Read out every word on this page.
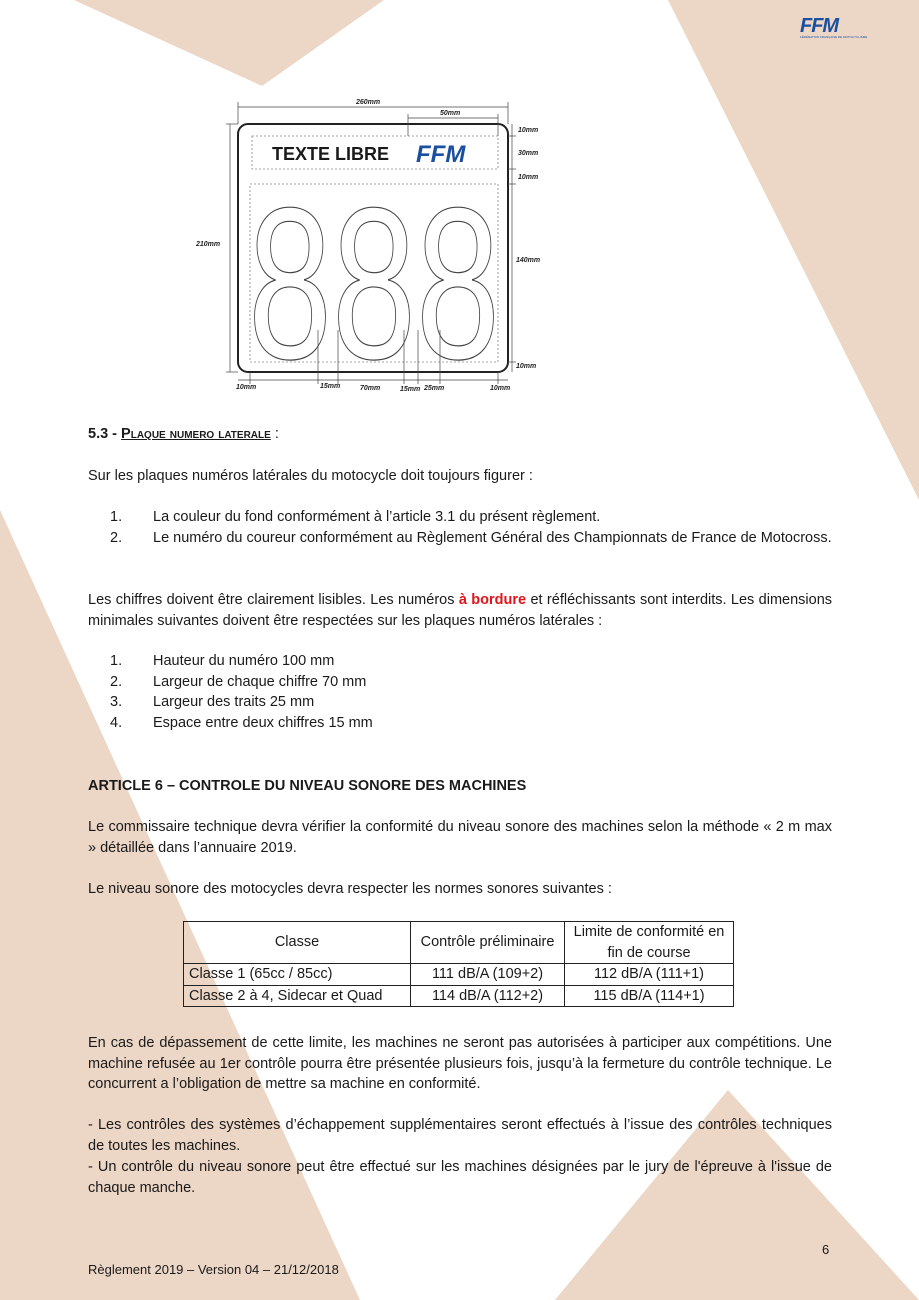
FFM
FÉDÉRATION FRANÇAISE DE MOTOCYCLISME
TEXTE LIBRE FFM
888
260mm
50mm
210mm
10mm
30mm
10mm
140mm
10mm
10mm	15mm	70mm	15mm 25mm	10mm
5.3 - Plaque numero laterale :
Sur les plaques numéros latérales du motocycle doit toujours figurer :
1. La couleur du fond conformément à l’article 3.1 du présent règlement.
2. Le numéro du coureur conformément au Règlement Général des Championnats de France de Motocross.
Les chiffres doivent être clairement lisibles. Les numéros à bordure et réfléchissants sont interdits. Les dimensions minimales suivantes doivent être respectées sur les plaques numéros latérales :
1. Hauteur du numéro 100 mm
2. Largeur de chaque chiffre 70 mm
3. Largeur des traits 25 mm
4. Espace entre deux chiffres 15 mm
ARTICLE 6 – CONTROLE DU NIVEAU SONORE DES MACHINES
Le commissaire technique devra vérifier la conformité du niveau sonore des machines selon la méthode « 2 m max » détaillée dans l’annuaire 2019.
Le niveau sonore des motocycles devra respecter les normes sonores suivantes :
Classe	Contrôle préliminaire	Limite de conformité en fin de course
Classe 1 (65cc / 85cc)	111 dB/A (109+2)	112 dB/A (111+1)
Classe 2 à 4, Sidecar et Quad	114 dB/A (112+2)	115 dB/A (114+1)
En cas de dépassement de cette limite, les machines ne seront pas autorisées à participer aux compétitions. Une machine refusée au 1er contrôle pourra être présentée plusieurs fois, jusqu’à la fermeture du contrôle technique. Le concurrent a l’obligation de mettre sa machine en conformité.
- Les contrôles des systèmes d’échappement supplémentaires seront effectués à l’issue des contrôles techniques de toutes les machines.
- Un contrôle du niveau sonore peut être effectué sur les machines désignées par le jury de l'épreuve à l'issue de chaque manche.
6
Règlement 2019 – Version 04 – 21/12/2018
